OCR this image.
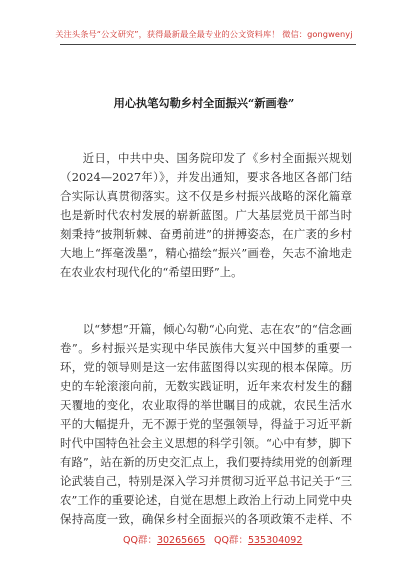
关注头条号“公文研究”，获得最新最全最专业的公文资料库！ 微信：gongwenyj
用心执笔勾勒乡村全面振兴“新画卷”

近日，中共中央、国务院印发了《乡村全面振兴规划（2024—2027年）》，并发出通知，要求各地区各部门结合实际认真贯彻落实。这不仅是乡村振兴战略的深化篇章也是新时代农村发展的崭新蓝图。广大基层党员干部当时刻秉持“披荆斩棘、奋勇前进”的拼搏姿态，在广袤的乡村大地上“挥毫泼墨”，精心描绘“振兴”画卷，矢志不渝地走在农业农村现代化的“希望田野”上。

以“梦想”开篇，倾心勾勒“心向党、志在农”的“信念画卷”。乡村振兴是实现中华民族伟大复兴中国梦的重要一环，党的领导则是这一宏伟蓝图得以实现的根本保障。历史的车轮滚滚向前，无数实践证明，近年来农村发生的翻天覆地的变化，农业取得的举世瞩目的成就，农民生活水平的大幅提升，无不源于党的坚强领导，得益于习近平新时代中国特色社会主义思想的科学引领。“心中有梦，脚下有路”，站在新的历史交汇点上，我们要持续用党的创新理论武装自己，特别是深入学习并贯彻习近平总书记关于“三农”工作的重要论述，自觉在思想上政治上行动上同党中央保持高度一致，确保乡村全面振兴的各项政策不走样、不

QQ群：30265665 QQ群：535304092
